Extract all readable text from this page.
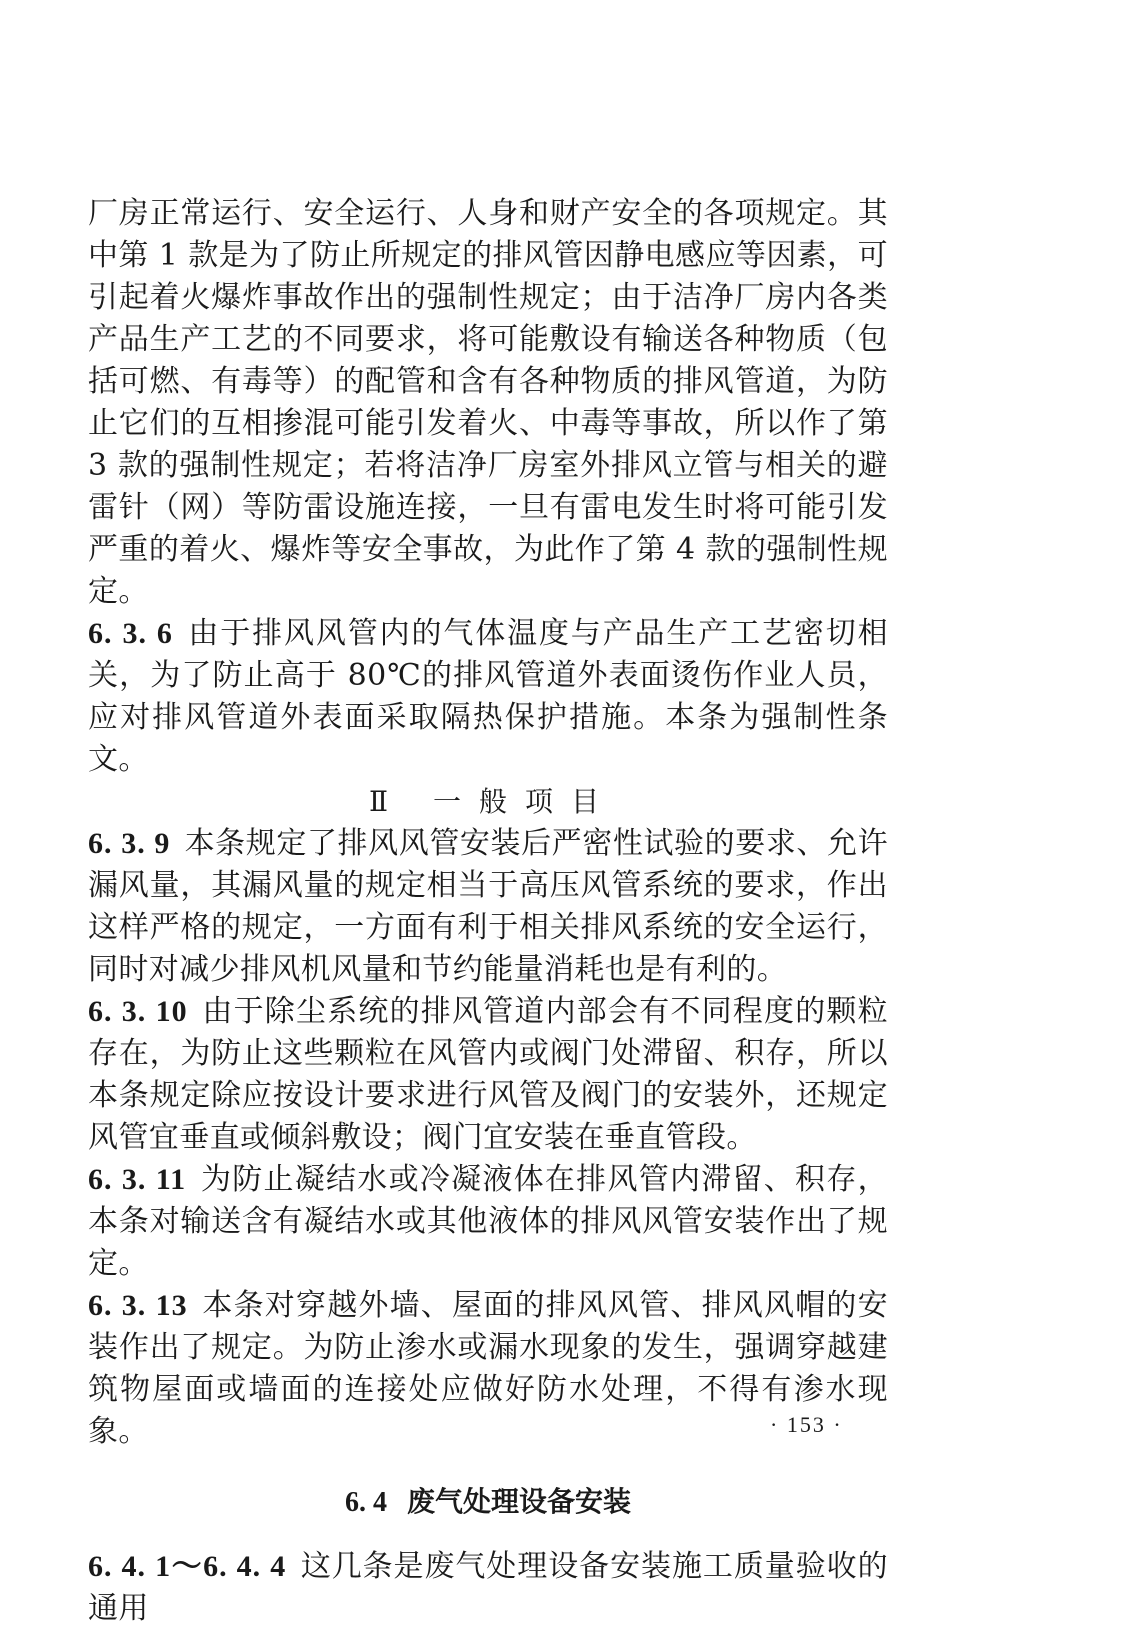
厂房正常运行、安全运行、人身和财产安全的各项规定。其中第 1 款是为了防止所规定的排风管因静电感应等因素，可引起着火爆炸事故作出的强制性规定；由于洁净厂房内各类产品生产工艺的不同要求，将可能敷设有输送各种物质（包括可燃、有毒等）的配管和含有各种物质的排风管道，为防止它们的互相掺混可能引发着火、中毒等事故，所以作了第 3 款的强制性规定；若将洁净厂房室外排风立管与相关的避雷针（网）等防雷设施连接，一旦有雷电发生时将可能引发严重的着火、爆炸等安全事故，为此作了第 4 款的强制性规定。

6. 3. 6 由于排风风管内的气体温度与产品生产工艺密切相关，为了防止高于 80℃的排风管道外表面烫伤作业人员，应对排风管道外表面采取隔热保护措施。本条为强制性条文。

Ⅱ 一般项目

6. 3. 9 本条规定了排风风管安装后严密性试验的要求、允许漏风量，其漏风量的规定相当于高压风管系统的要求，作出这样严格的规定，一方面有利于相关排风系统的安全运行，同时对减少排风机风量和节约能量消耗也是有利的。

6. 3. 10 由于除尘系统的排风管道内部会有不同程度的颗粒存在，为防止这些颗粒在风管内或阀门处滞留、积存，所以本条规定除应按设计要求进行风管及阀门的安装外，还规定风管宜垂直或倾斜敷设；阀门宜安装在垂直管段。

6. 3. 11 为防止凝结水或冷凝液体在排风管内滞留、积存，本条对输送含有凝结水或其他液体的排风风管安装作出了规定。

6. 3. 13 本条对穿越外墙、屋面的排风风管、排风风帽的安装作出了规定。为防止渗水或漏水现象的发生，强调穿越建筑物屋面或墙面的连接处应做好防水处理，不得有渗水现象。

6. 4 废气处理设备安装

6. 4. 1～6. 4. 4 这几条是废气处理设备安装施工质量验收的通用

· 153 ·
